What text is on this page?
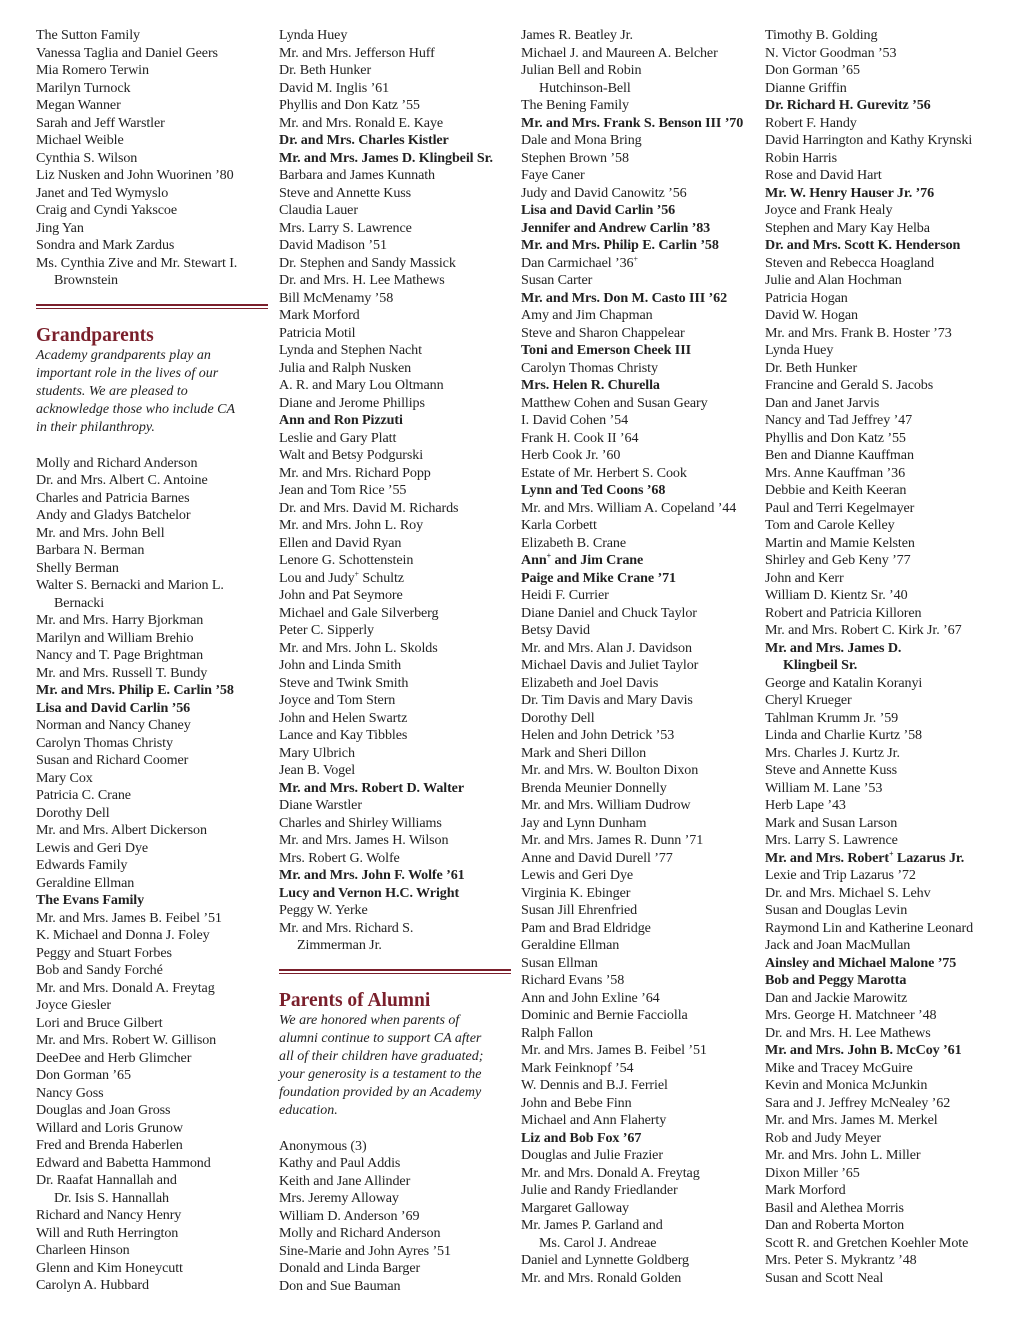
The Sutton Family
Vanessa Taglia and Daniel Geers
Mia Romero Terwin
Marilyn Turnock
Megan Wanner
Sarah and Jeff Warstler
Michael Weible
Cynthia S. Wilson
Liz Nusken and John Wuorinen ’80
Janet and Ted Wymyslo
Craig and Cyndi Yakscoe
Jing Yan
Sondra and Mark Zardus
Ms. Cynthia Zive and Mr. Stewart I.
Brownstein
Grandparents
Academy grandparents play an
important role in the lives of our
students. We are pleased to
acknowledge those who include CA
in their philanthropy.
Molly and Richard Anderson
Dr. and Mrs. Albert C. Antoine
Charles and Patricia Barnes
Andy and Gladys Batchelor
Mr. and Mrs. John Bell
Barbara N. Berman
Shelly Berman
Walter S. Bernacki and Marion L.
Bernacki
Mr. and Mrs. Harry Bjorkman
Marilyn and William Brehio
Nancy and T. Page Brightman
Mr. and Mrs. Russell T. Bundy
Mr. and Mrs. Philip E. Carlin ’58
Lisa and David Carlin ’56
Norman and Nancy Chaney
Carolyn Thomas Christy
Susan and Richard Coomer
Mary Cox
Patricia C. Crane
Dorothy Dell
Mr. and Mrs. Albert Dickerson
Lewis and Geri Dye
Edwards Family
Geraldine Ellman
The Evans Family
Mr. and Mrs. James B. Feibel ’51
K. Michael and Donna J. Foley
Peggy and Stuart Forbes
Bob and Sandy Forché
Mr. and Mrs. Donald A. Freytag
Joyce Giesler
Lori and Bruce Gilbert
Mr. and Mrs. Robert W. Gillison
DeeDee and Herb Glimcher
Don Gorman ’65
Nancy Goss
Douglas and Joan Gross
Willard and Loris Grunow
Fred and Brenda Haberlen
Edward and Babetta Hammond
Dr. Raafat Hannallah and
Dr. Isis S. Hannallah
Richard and Nancy Henry
Will and Ruth Herrington
Charleen Hinson
Glenn and Kim Honeycutt
Carolyn A. Hubbard
Lynda Huey
Mr. and Mrs. Jefferson Huff
Dr. Beth Hunker
David M. Inglis ’61
Phyllis and Don Katz ’55
Mr. and Mrs. Ronald E. Kaye
Dr. and Mrs. Charles Kistler
Mr. and Mrs. James D. Klingbeil Sr.
Barbara and James Kunnath
Steve and Annette Kuss
Claudia Lauer
Mrs. Larry S. Lawrence
David Madison ’51
Dr. Stephen and Sandy Massick
Dr. and Mrs. H. Lee Mathews
Bill McMenamy ’58
Mark Morford
Patricia Motil
Lynda and Stephen Nacht
Julia and Ralph Nusken
A. R. and Mary Lou Oltmann
Diane and Jerome Phillips
Ann and Ron Pizzuti
Leslie and Gary Platt
Walt and Betsy Podgurski
Mr. and Mrs. Richard Popp
Jean and Tom Rice ’55
Dr. and Mrs. David M. Richards
Mr. and Mrs. John L. Roy
Ellen and David Ryan
Lenore G. Schottenstein
Lou and Judy+ Schultz
John and Pat Seymore
Michael and Gale Silverberg
Peter C. Sipperly
Mr. and Mrs. John L. Skolds
John and Linda Smith
Steve and Twink Smith
Joyce and Tom Stern
John and Helen Swartz
Lance and Kay Tibbles
Mary Ulbrich
Jean B. Vogel
Mr. and Mrs. Robert D. Walter
Diane Warstler
Charles and Shirley Williams
Mr. and Mrs. James H. Wilson
Mrs. Robert G. Wolfe
Mr. and Mrs. John F. Wolfe ’61
Lucy and Vernon H.C. Wright
Peggy W. Yerke
Mr. and Mrs. Richard S.
Zimmerman Jr.
Parents of Alumni
We are honored when parents of
alumni continue to support CA after
all of their children have graduated;
your generosity is a testament to the
foundation provided by an Academy
education.
Anonymous (3)
Kathy and Paul Addis
Keith and Jane Allinder
Mrs. Jeremy Alloway
William D. Anderson ’69
Molly and Richard Anderson
Sine-Marie and John Ayres ’51
Donald and Linda Barger
Don and Sue Bauman
James R. Beatley Jr.
Michael J. and Maureen A. Belcher
Julian Bell and Robin
Hutchinson-Bell
The Bening Family
Mr. and Mrs. Frank S. Benson III ’70
Dale and Mona Bring
Stephen Brown ’58
Faye Caner
Judy and David Canowitz ’56
Lisa and David Carlin ’56
Jennifer and Andrew Carlin ’83
Mr. and Mrs. Philip E. Carlin ’58
Dan Carmichael ’36+
Susan Carter
Mr. and Mrs. Don M. Casto III ’62
Amy and Jim Chapman
Steve and Sharon Chappelear
Toni and Emerson Cheek III
Carolyn Thomas Christy
Mrs. Helen R. Churella
Matthew Cohen and Susan Geary
I. David Cohen ’54
Frank H. Cook II ’64
Herb Cook Jr. ’60
Estate of Mr. Herbert S. Cook
Lynn and Ted Coons ’68
Mr. and Mrs. William A. Copeland ’44
Karla Corbett
Elizabeth B. Crane
Ann+ and Jim Crane
Paige and Mike Crane ’71
Heidi F. Currier
Diane Daniel and Chuck Taylor
Betsy David
Mr. and Mrs. Alan J. Davidson
Michael Davis and Juliet Taylor
Elizabeth and Joel Davis
Dr. Tim Davis and Mary Davis
Dorothy Dell
Helen and John Detrick ’53
Mark and Sheri Dillon
Mr. and Mrs. W. Boulton Dixon
Brenda Meunier Donnelly
Mr. and Mrs. William Dudrow
Jay and Lynn Dunham
Mr. and Mrs. James R. Dunn ’71
Anne and David Durell ’77
Lewis and Geri Dye
Virginia K. Ebinger
Susan Jill Ehrenfried
Pam and Brad Eldridge
Geraldine Ellman
Susan Ellman
Richard Evans ’58
Ann and John Exline ’64
Dominic and Bernie Facciolla
Ralph Fallon
Mr. and Mrs. James B. Feibel ’51
Mark Feinknopf ’54
W. Dennis and B.J. Ferriel
John and Bebe Finn
Michael and Ann Flaherty
Liz and Bob Fox ’67
Douglas and Julie Frazier
Mr. and Mrs. Donald A. Freytag
Julie and Randy Friedlander
Margaret Galloway
Mr. James P. Garland and
Ms. Carol J. Andreae
Daniel and Lynnette Goldberg
Mr. and Mrs. Ronald Golden
Timothy B. Golding
N. Victor Goodman ’53
Don Gorman ’65
Dianne Griffin
Dr. Richard H. Gurevitz ’56
Robert F. Handy
David Harrington and Kathy Krynski
Robin Harris
Rose and David Hart
Mr. W. Henry Hauser Jr. ’76
Joyce and Frank Healy
Stephen and Mary Kay Helba
Dr. and Mrs. Scott K. Henderson
Steven and Rebecca Hoagland
Julie and Alan Hochman
Patricia Hogan
David W. Hogan
Mr. and Mrs. Frank B. Hoster ’73
Lynda Huey
Dr. Beth Hunker
Francine and Gerald S. Jacobs
Dan and Janet Jarvis
Nancy and Tad Jeffrey ’47
Phyllis and Don Katz ’55
Ben and Dianne Kauffman
Mrs. Anne Kauffman ’36
Debbie and Keith Keeran
Paul and Terri Kegelmayer
Tom and Carole Kelley
Martin and Mamie Kelsten
Shirley and Geb Keny ’77
John and Kerr
William D. Kientz Sr. ’40
Robert and Patricia Killoren
Mr. and Mrs. Robert C. Kirk Jr. ’67
Mr. and Mrs. James D.
Klingbeil Sr.
George and Katalin Koranyi
Cheryl Krueger
Tahlman Krumm Jr. ’59
Linda and Charlie Kurtz ’58
Mrs. Charles J. Kurtz Jr.
Steve and Annette Kuss
William M. Lane ’53
Herb Lape ’43
Mark and Susan Larson
Mrs. Larry S. Lawrence
Mr. and Mrs. Robert+ Lazarus Jr.
Lexie and Trip Lazarus ’72
Dr. and Mrs. Michael S. Lehv
Susan and Douglas Levin
Raymond Lin and Katherine Leonard
Jack and Joan MacMullan
Ainsley and Michael Malone ’75
Bob and Peggy Marotta
Dan and Jackie Marowitz
Mrs. George H. Matchneer ’48
Dr. and Mrs. H. Lee Mathews
Mr. and Mrs. John B. McCoy ’61
Mike and Tracey McGuire
Kevin and Monica McJunkin
Sara and J. Jeffrey McNealey ’62
Mr. and Mrs. James M. Merkel
Rob and Judy Meyer
Mr. and Mrs. John L. Miller
Dixon Miller ’65
Mark Morford
Basil and Alethea Morris
Dan and Roberta Morton
Scott R. and Gretchen Koehler Mote
Mrs. Peter S. Mykrantz ’48
Susan and Scott Neal
